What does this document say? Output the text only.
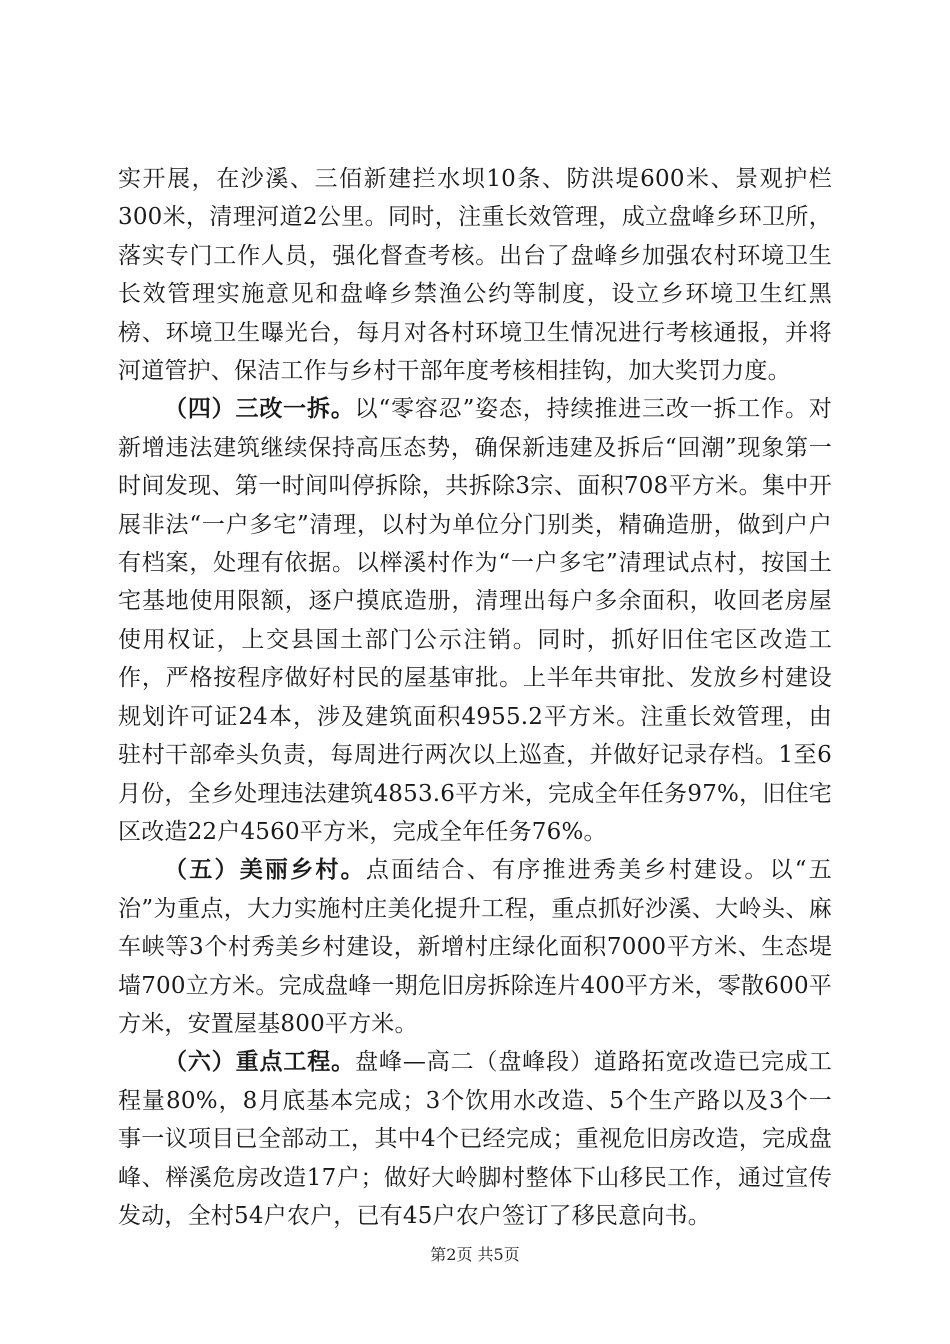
实开展，在沙溪、三佰新建拦水坝10条、防洪堤600米、景观护栏300米，清理河道2公里。同时，注重长效管理，成立盘峰乡环卫所，落实专门工作人员，强化督查考核。出台了盘峰乡加强农村环境卫生长效管理实施意见和盘峰乡禁渔公约等制度，设立乡环境卫生红黑榜、环境卫生曝光台，每月对各村环境卫生情况进行考核通报，并将河道管护、保洁工作与乡村干部年度考核相挂钩，加大奖罚力度。

（四）三改一拆。以“零容忍”姿态，持续推进三改一拆工作。对新增违法建筑继续保持高压态势，确保新违建及拆后“回潮”现象第一时间发现、第一时间叫停拆除，共拆除3宗、面积708平方米。集中开展非法“一户多宅”清理，以村为单位分门别类，精确造册，做到户户有档案，处理有依据。以榉溪村作为“一户多宅”清理试点村，按国土宅基地使用限额，逐户摸底造册，清理出每户多余面积，收回老房屋使用权证，上交县国土部门公示注销。同时，抓好旧住宅区改造工作，严格按程序做好村民的屋基审批。上半年共审批、发放乡村建设规划许可证24本，涉及建筑面积4955.2平方米。注重长效管理，由驻村干部牵头负责，每周进行两次以上巡查，并做好记录存档。1至6月份，全乡处理违法建筑4853.6平方米，完成全年任务97%，旧住宅区改造22户4560平方米，完成全年任务76%。

（五）美丽乡村。点面结合、有序推进秀美乡村建设。以“五治”为重点，大力实施村庄美化提升工程，重点抓好沙溪、大岭头、麻车峡等3个村秀美乡村建设，新增村庄绿化面积7000平方米、生态堤墙700立方米。完成盘峰一期危旧房拆除连片400平方米，零散600平方米，安置屋基800平方米。

（六）重点工程。盘峰—高二（盘峰段）道路拓宽改造已完成工程量80%，8月底基本完成；3个饮用水改造、5个生产路以及3个一事一议项目已全部动工，其中4个已经完成；重视危旧房改造，完成盘峰、榉溪危房改造17户；做好大岭脚村整体下山移民工作，通过宣传发动，全村54户农户，已有45户农户签订了移民意向书。

第2页 共5页
